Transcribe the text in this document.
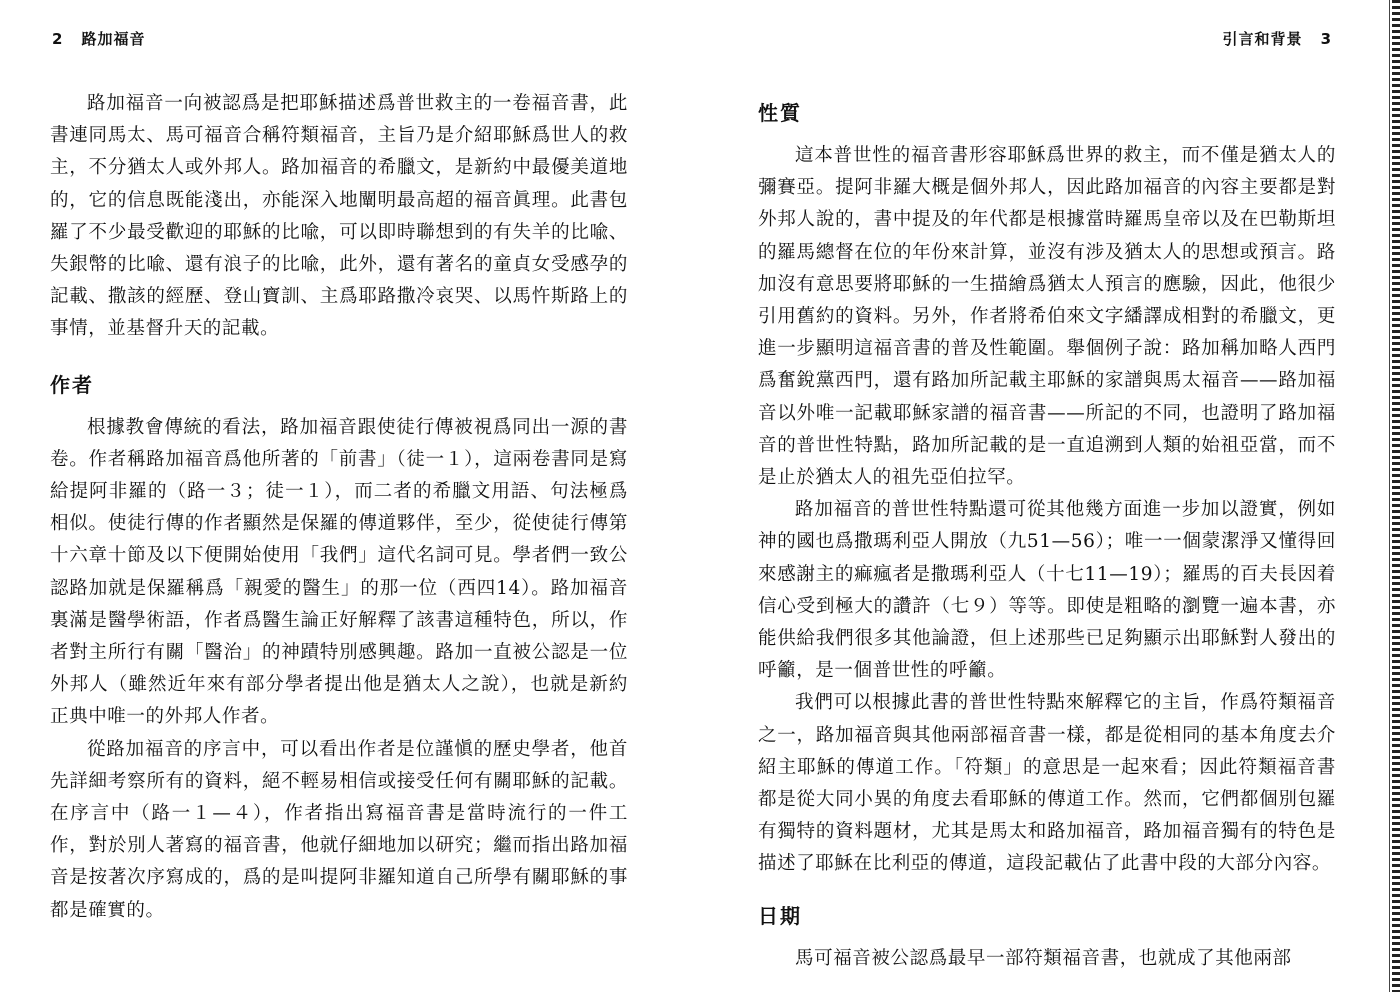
2 路加福音

路加福音一向被認爲是把耶穌描述爲普世救主的一卷福音書，此書連同馬太、馬可福音合稱符類福音，主旨乃是介紹耶穌爲世人的救主，不分猶太人或外邦人。路加福音的希臘文，是新約中最優美道地的，它的信息既能淺出，亦能深入地闡明最高超的福音眞理。此書包羅了不少最受歡迎的耶穌的比喩，可以即時聯想到的有失羊的比喩、失銀幣的比喩、還有浪子的比喩，此外，還有著名的童貞女受感孕的記載、撒該的經歷、登山寶訓、主爲耶路撒冷哀哭、以馬忤斯路上的事情，並基督升天的記載。

作者

根據教會傳統的看法，路加福音跟使徒行傳被視爲同出一源的書卷。作者稱路加福音爲他所著的「前書」（徒一１），這兩卷書同是寫給提阿非羅的（路一３；徒一１），而二者的希臘文用語、句法極爲相似。使徒行傳的作者顯然是保羅的傳道夥伴，至少，從使徒行傳第十六章十節及以下便開始使用「我們」這代名詞可見。學者們一致公認路加就是保羅稱爲「親愛的醫生」的那一位（西四14）。路加福音裏滿是醫學術語，作者爲醫生論正好解釋了該書這種特色，所以，作者對主所行有關「醫治」的神蹟特別感興趣。路加一直被公認是一位外邦人（雖然近年來有部分學者提出他是猶太人之說），也就是新約正典中唯一的外邦人作者。

從路加福音的序言中，可以看出作者是位謹愼的歷史學者，他首先詳細考察所有的資料，絕不輕易相信或接受任何有關耶穌的記載。在序言中（路一１—４），作者指出寫福音書是當時流行的一件工作，對於別人著寫的福音書，他就仔細地加以研究；繼而指出路加福音是按著次序寫成的，爲的是叫提阿非羅知道自己所學有關耶穌的事都是確實的。

引言和背景 3
性質

這本普世性的福音書形容耶穌爲世界的救主，而不僅是猶太人的彌賽亞。提阿非羅大概是個外邦人，因此路加福音的內容主要都是對外邦人說的，書中提及的年代都是根據當時羅馬皇帝以及在巴勒斯坦的羅馬總督在位的年份來計算，並沒有涉及猶太人的思想或預言。路加沒有意思要將耶穌的一生描繪爲猶太人預言的應驗，因此，他很少引用舊約的資料。另外，作者將希伯來文字繙譯成相對的希臘文，更進一步顯明這福音書的普及性範圍。舉個例子說：路加稱加略人西門爲奮銳黨西門，還有路加所記載主耶穌的家譜與馬太福音——路加福音以外唯一記載耶穌家譜的福音書——所記的不同，也證明了路加福音的普世性特點，路加所記載的是一直追溯到人類的始祖亞當，而不是止於猶太人的祖先亞伯拉罕。

路加福音的普世性特點還可從其他幾方面進一步加以證實，例如神的國也爲撒瑪利亞人開放（九51—56）；唯一一個蒙潔淨又懂得回來感謝主的痲瘋者是撒瑪利亞人（十七11—19）；羅馬的百夫長因着信心受到極大的讚許（七９）等等。即使是粗略的瀏覽一遍本書，亦能供給我們很多其他論證，但上述那些已足夠顯示出耶穌對人發出的呼籲，是一個普世性的呼籲。

我們可以根據此書的普世性特點來解釋它的主旨，作爲符類福音之一，路加福音與其他兩部福音書一樣，都是從相同的基本角度去介紹主耶穌的傳道工作。「符類」的意思是一起來看；因此符類福音書都是從大同小異的角度去看耶穌的傳道工作。然而，它們都個別包羅有獨特的資料題材，尤其是馬太和路加福音，路加福音獨有的特色是描述了耶穌在比利亞的傳道，這段記載佔了此書中段的大部分內容。

日期

馬可福音被公認爲最早一部符類福音書，也就成了其他兩部
